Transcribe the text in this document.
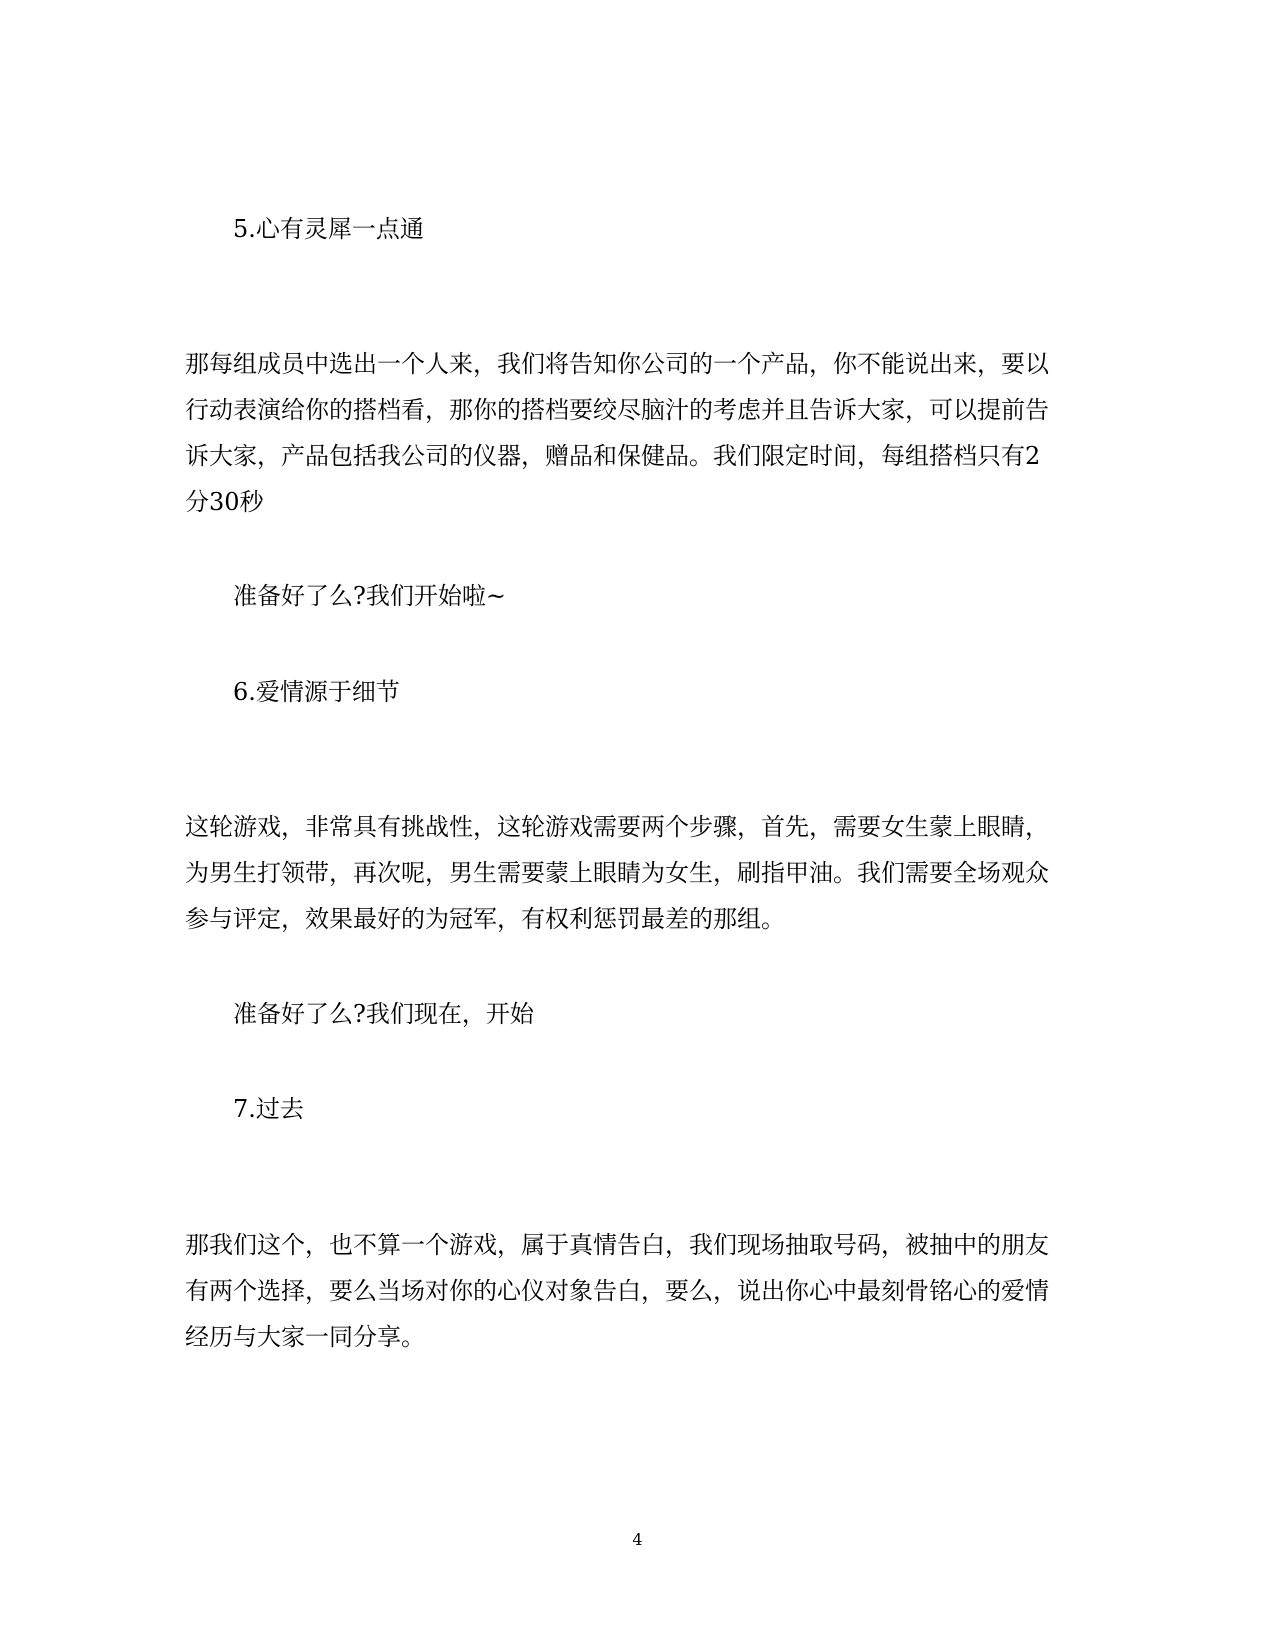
5.心有灵犀一点通
那每组成员中选出一个人来，我们将告知你公司的一个产品，你不能说出来，要以
行动表演给你的搭档看，那你的搭档要绞尽脑汁的考虑并且告诉大家，可以提前告
诉大家，产品包括我公司的仪器，赠品和保健品。我们限定时间，每组搭档只有2
分30秒
准备好了么?我们开始啦~
6.爱情源于细节
这轮游戏，非常具有挑战性，这轮游戏需要两个步骤，首先，需要女生蒙上眼睛，
为男生打领带，再次呢，男生需要蒙上眼睛为女生，刷指甲油。我们需要全场观众
参与评定，效果最好的为冠军，有权利惩罚最差的那组。
准备好了么?我们现在，开始
7.过去
那我们这个，也不算一个游戏，属于真情告白，我们现场抽取号码，被抽中的朋友
有两个选择，要么当场对你的心仪对象告白，要么，说出你心中最刻骨铭心的爱情
经历与大家一同分享。
4
